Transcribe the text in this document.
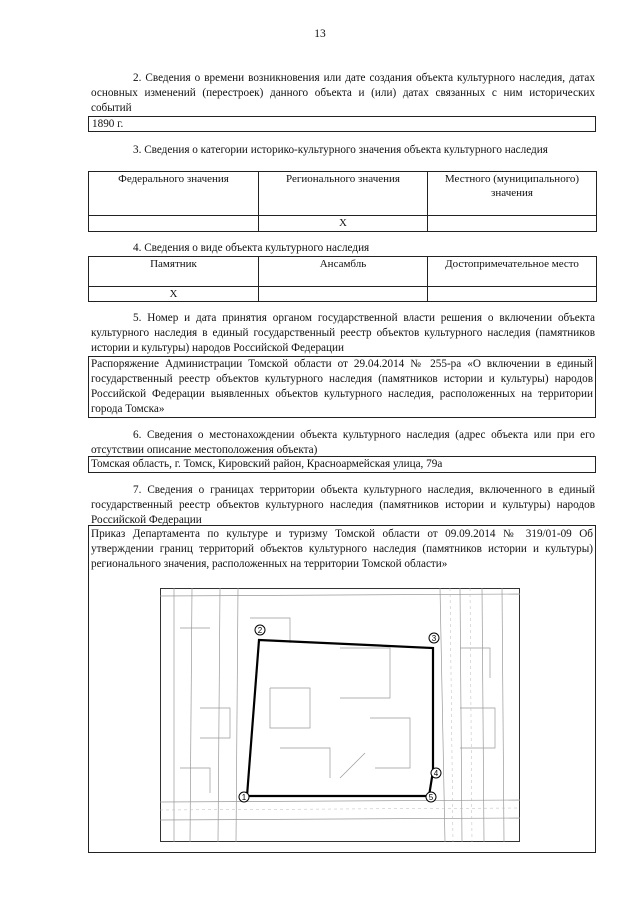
13
2. Сведения о времени возникновения или дате создания объекта культурного наследия, датах основных изменений (перестроек) данного объекта и (или) датах связанных с ним исторических событий
1890 г.
3. Сведения о категории историко-культурного значения объекта культурного наследия
Федерального значения	Регионального значения	Местного (муниципального) значения
	Х	
4. Сведения о виде объекта культурного наследия
Памятник	Ансамбль	Достопримечательное место
Х		
5. Номер и дата принятия органом государственной власти решения о включении объекта культурного наследия в единый государственный реестр объектов культурного наследия (памятников истории и культуры) народов Российской Федерации
Распоряжение Администрации Томской области от 29.04.2014 № 255-ра «О включении в единый государственный реестр объектов культурного наследия (памятников истории и культуры) народов Российской Федерации выявленных объектов культурного наследия, расположенных на территории города Томска»
6. Сведения о местонахождении объекта культурного наследия (адрес объекта или при его отсутствии описание местоположения объекта)
Томская область, г. Томск, Кировский район, Красноармейская улица, 79а
7. Сведения о границах территории объекта культурного наследия, включенного в единый государственный реестр объектов культурного наследия (памятников истории и культуры) народов Российской Федерации
Приказ Департамента по культуре и туризму Томской области от 09.09.2014 № 319/01-09 Об утверждении границ территорий объектов культурного наследия (памятников истории и культуры) регионального значения, расположенных на территории Томской области»
1
2
3
4
5
